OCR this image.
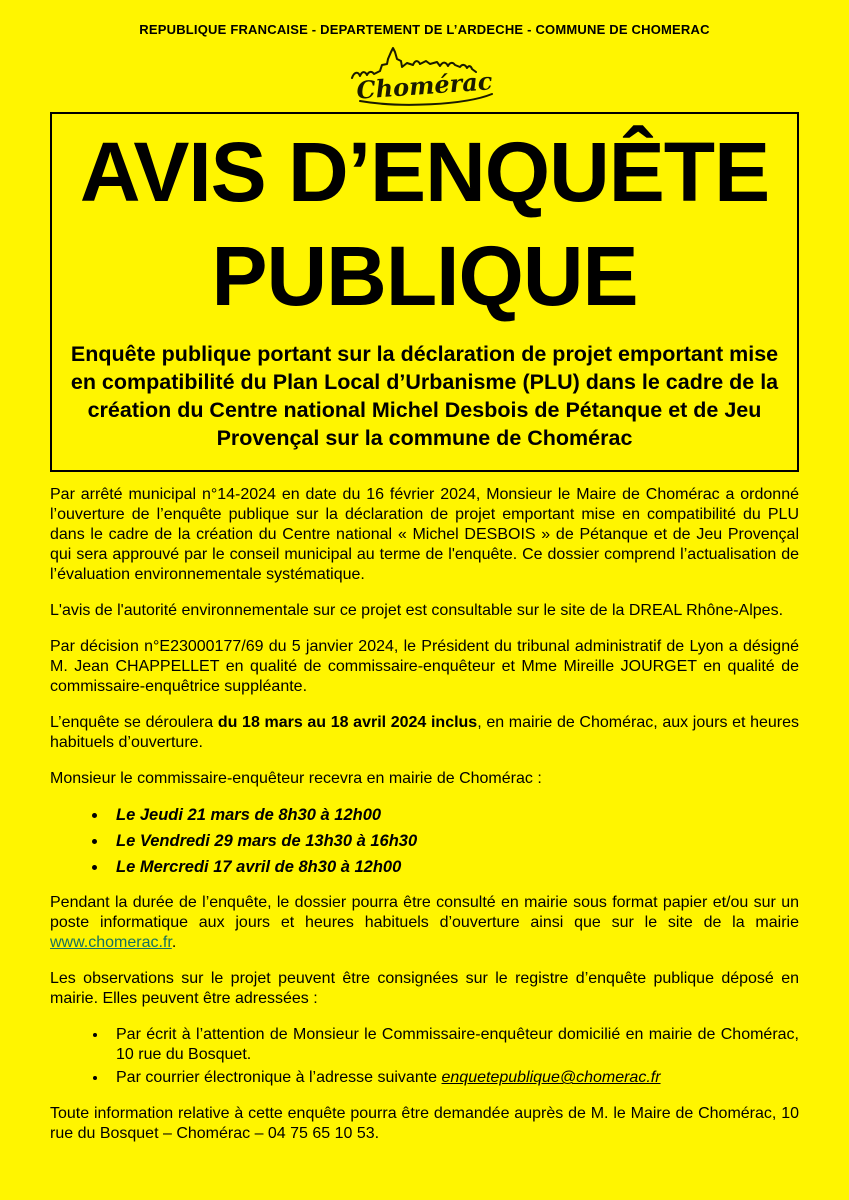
REPUBLIQUE FRANCAISE - DEPARTEMENT DE L’ARDECHE - COMMUNE DE CHOMERAC
Chomérac
AVIS D’ENQUÊTE PUBLIQUE
Enquête publique portant sur la déclaration de projet emportant mise en compatibilité du Plan Local d’Urbanisme (PLU) dans le cadre de la création du Centre national Michel Desbois de Pétanque et de Jeu Provençal sur la commune de Chomérac

Par arrêté municipal n°14-2024 en date du 16 février 2024, Monsieur le Maire de Chomérac a ordonné l’ouverture de l’enquête publique sur la déclaration de projet emportant mise en compatibilité du PLU dans le cadre de la création du Centre national « Michel DESBOIS » de Pétanque et de Jeu Provençal qui sera approuvé par le conseil municipal au terme de l'enquête. Ce dossier comprend l’actualisation de l’évaluation environnementale systématique.

L'avis de l'autorité environnementale sur ce projet est consultable sur le site de la DREAL Rhône-Alpes.

Par décision n°E23000177/69 du 5 janvier 2024, le Président du tribunal administratif de Lyon a désigné M. Jean CHAPPELLET en qualité de commissaire-enquêteur et Mme Mireille JOURGET en qualité de commissaire-enquêtrice suppléante.

L’enquête se déroulera du 18 mars au 18 avril 2024 inclus, en mairie de Chomérac, aux jours et heures habituels d’ouverture.

Monsieur le commissaire-enquêteur recevra en mairie de Chomérac :

• Le Jeudi 21 mars de 8h30 à 12h00
• Le Vendredi 29 mars de 13h30 à 16h30
• Le Mercredi 17 avril de 8h30 à 12h00

Pendant la durée de l’enquête, le dossier pourra être consulté en mairie sous format papier et/ou sur un poste informatique aux jours et heures habituels d’ouverture ainsi que sur le site de la mairie www.chomerac.fr.

Les observations sur le projet peuvent être consignées sur le registre d’enquête publique déposé en mairie. Elles peuvent être adressées :

• Par écrit à l’attention de Monsieur le Commissaire-enquêteur domicilié en mairie de Chomérac, 10 rue du Bosquet.
• Par courrier électronique à l’adresse suivante enquetepublique@chomerac.fr

Toute information relative à cette enquête pourra être demandée auprès de M. le Maire de Chomérac, 10 rue du Bosquet – Chomérac – 04 75 65 10 53.
